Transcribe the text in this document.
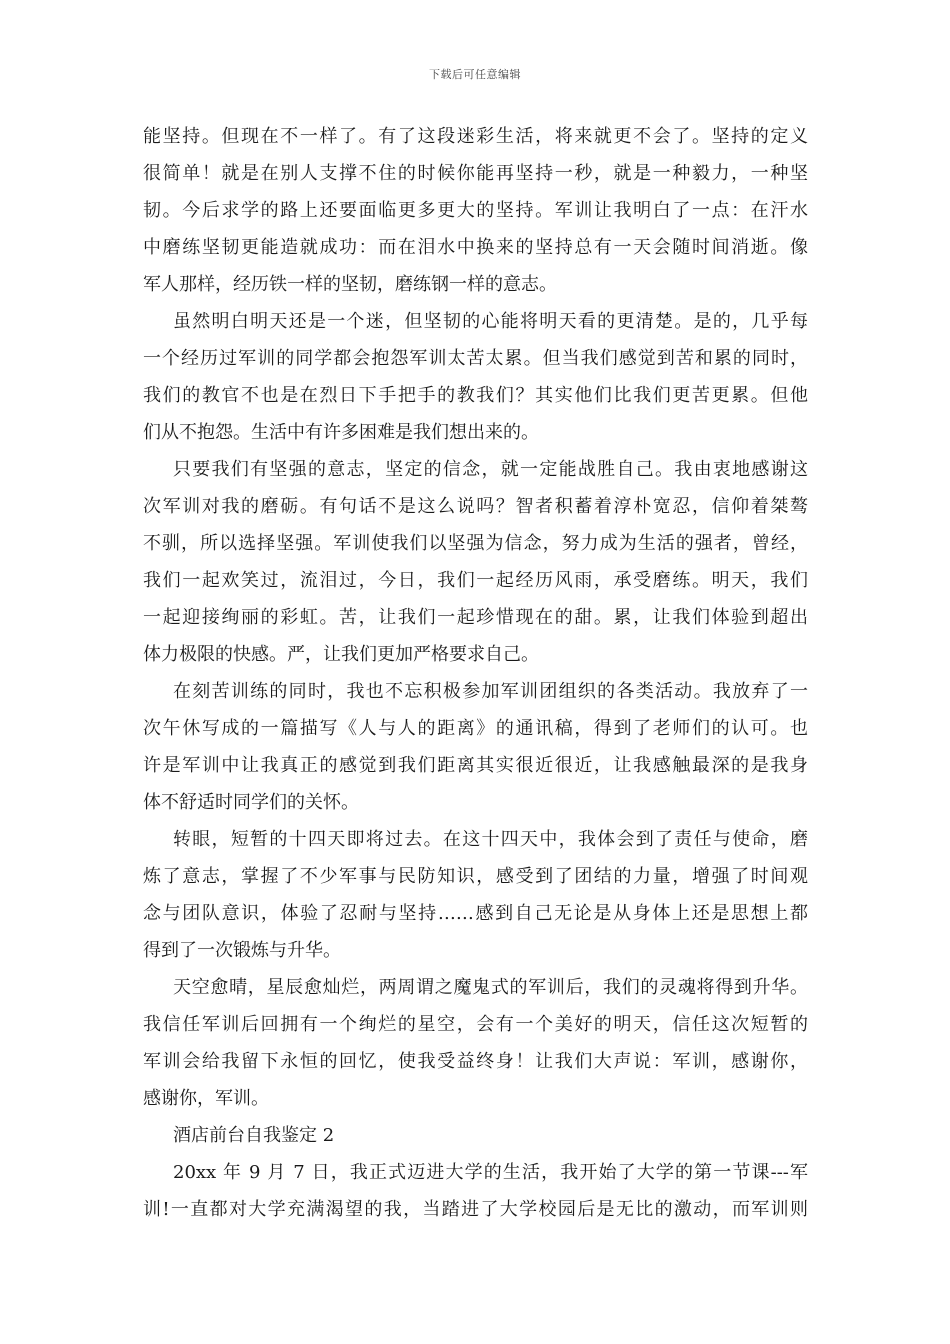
下载后可任意编辑
能坚持。但现在不一样了。有了这段迷彩生活，将来就更不会了。坚持的定义
很简单！就是在别人支撑不住的时候你能再坚持一秒，就是一种毅力，一种坚
韧。今后求学的路上还要面临更多更大的坚持。军训让我明白了一点：在汗水
中磨练坚韧更能造就成功：而在泪水中换来的坚持总有一天会随时间消逝。像
军人那样，经历铁一样的坚韧，磨练钢一样的意志。
虽然明白明天还是一个迷，但坚韧的心能将明天看的更清楚。是的，几乎每
一个经历过军训的同学都会抱怨军训太苦太累。但当我们感觉到苦和累的同时，
我们的教官不也是在烈日下手把手的教我们？其实他们比我们更苦更累。但他
们从不抱怨。生活中有许多困难是我们想出来的。
只要我们有坚强的意志，坚定的信念，就一定能战胜自己。我由衷地感谢这
次军训对我的磨砺。有句话不是这么说吗？智者积蓄着淳朴宽忍，信仰着桀骜
不驯，所以选择坚强。军训使我们以坚强为信念，努力成为生活的强者，曾经，
我们一起欢笑过，流泪过，今日，我们一起经历风雨，承受磨练。明天，我们
一起迎接绚丽的彩虹。苦，让我们一起珍惜现在的甜。累，让我们体验到超出
体力极限的快感。严，让我们更加严格要求自己。
在刻苦训练的同时，我也不忘积极参加军训团组织的各类活动。我放弃了一
次午休写成的一篇描写《人与人的距离》的通讯稿，得到了老师们的认可。也
许是军训中让我真正的感觉到我们距离其实很近很近，让我感触最深的是我身
体不舒适时同学们的关怀。
转眼，短暂的十四天即将过去。在这十四天中，我体会到了责任与使命，磨
炼了意志，掌握了不少军事与民防知识，感受到了团结的力量，增强了时间观
念与团队意识，体验了忍耐与坚持……感到自己无论是从身体上还是思想上都
得到了一次锻炼与升华。
天空愈晴，星辰愈灿烂，两周谓之魔鬼式的军训后，我们的灵魂将得到升华。
我信任军训后回拥有一个绚烂的星空，会有一个美好的明天，信任这次短暂的
军训会给我留下永恒的回忆，使我受益终身！让我们大声说：军训，感谢你，
感谢你，军训。
酒店前台自我鉴定 2
20xx 年 9 月 7 日，我正式迈进大学的生活，我开始了大学的第一节课---军
训!一直都对大学充满渴望的我，当踏进了大学校园后是无比的激动，而军训则
